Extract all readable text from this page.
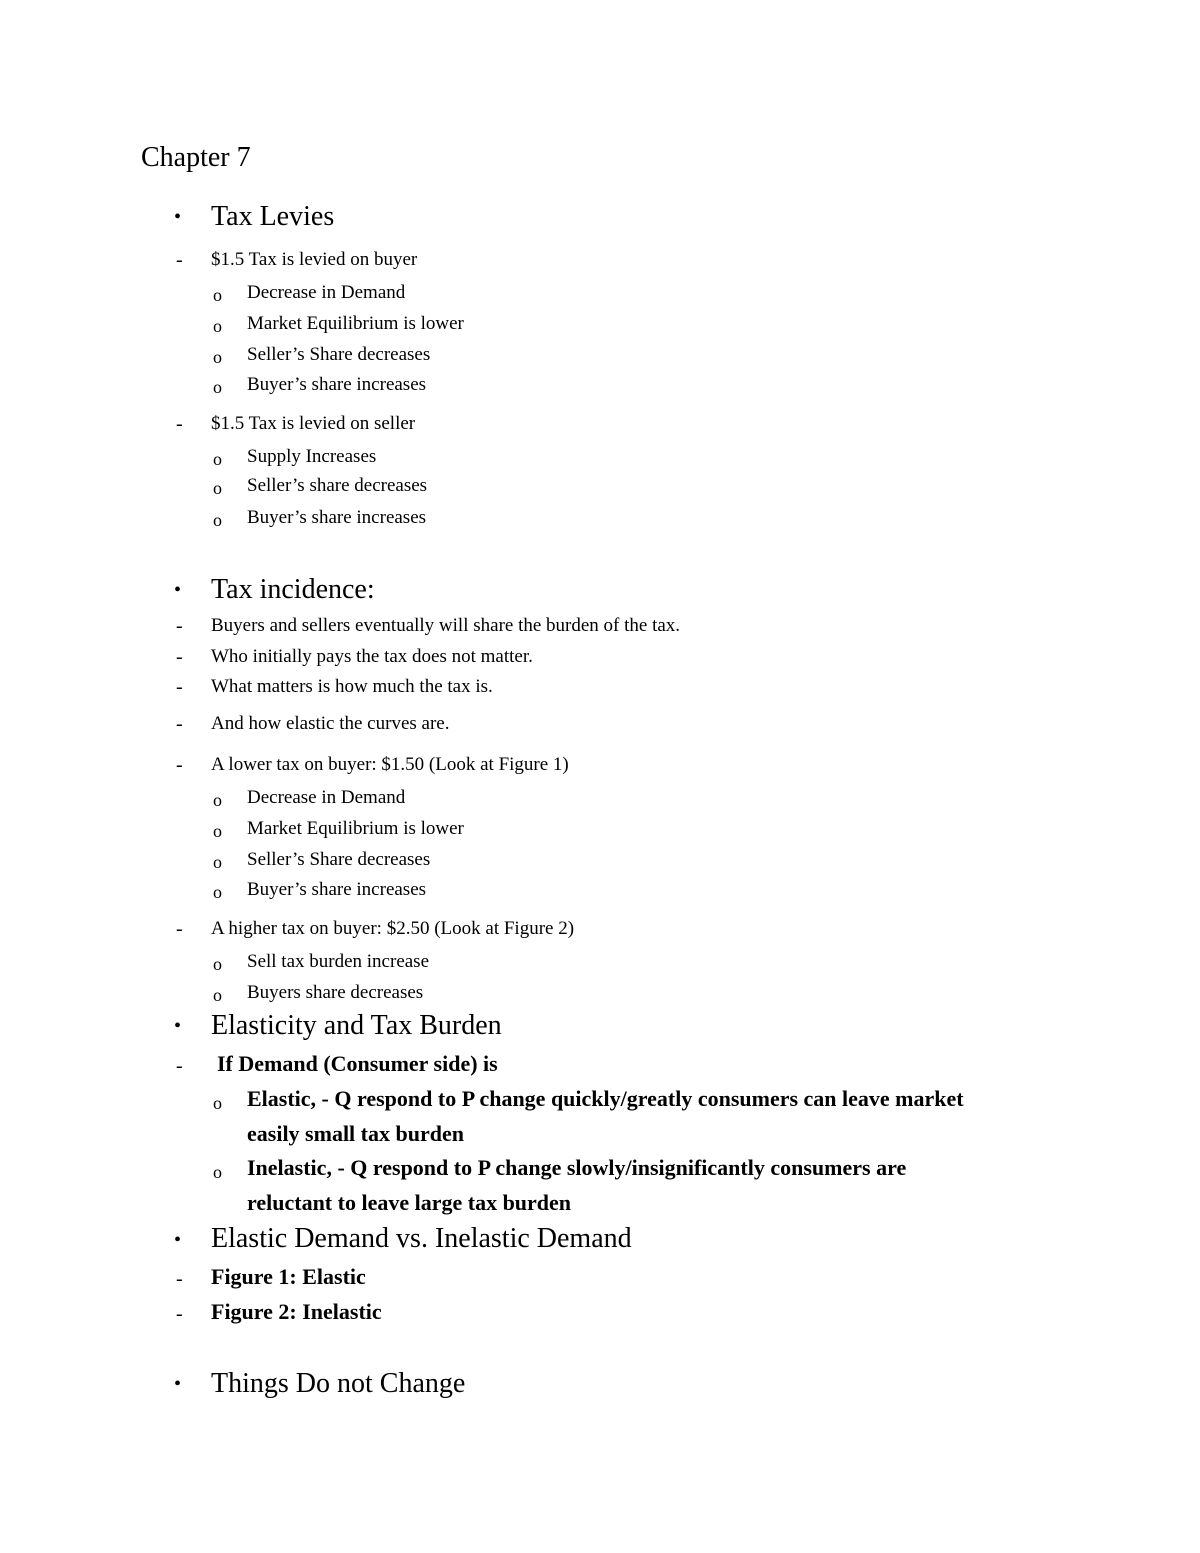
Chapter 7
• Tax Levies
- $1.5 Tax is levied on buyer
o Decrease in Demand
o Market Equilibrium is lower
o Seller’s Share decreases
o Buyer’s share increases
- $1.5 Tax is levied on seller
o Supply Increases
o Seller’s share decreases
o Buyer’s share increases
• Tax incidence:
- Buyers and sellers eventually will share the burden of the tax.
- Who initially pays the tax does not matter.
- What matters is how much the tax is.
- And how elastic the curves are.
- A lower tax on buyer: $1.50 (Look at Figure 1)
o Decrease in Demand
o Market Equilibrium is lower
o Seller’s Share decreases
o Buyer’s share increases
- A higher tax on buyer: $2.50 (Look at Figure 2)
o Sell tax burden increase
o Buyers share decreases
• Elasticity and Tax Burden
- If Demand (Consumer side) is
o Elastic, - Q respond to P change quickly/greatly consumers can leave market
easily small tax burden
o Inelastic, - Q respond to P change slowly/insignificantly consumers are
reluctant to leave large tax burden
• Elastic Demand vs. Inelastic Demand
- Figure 1: Elastic
- Figure 2: Inelastic
• Things Do not Change
